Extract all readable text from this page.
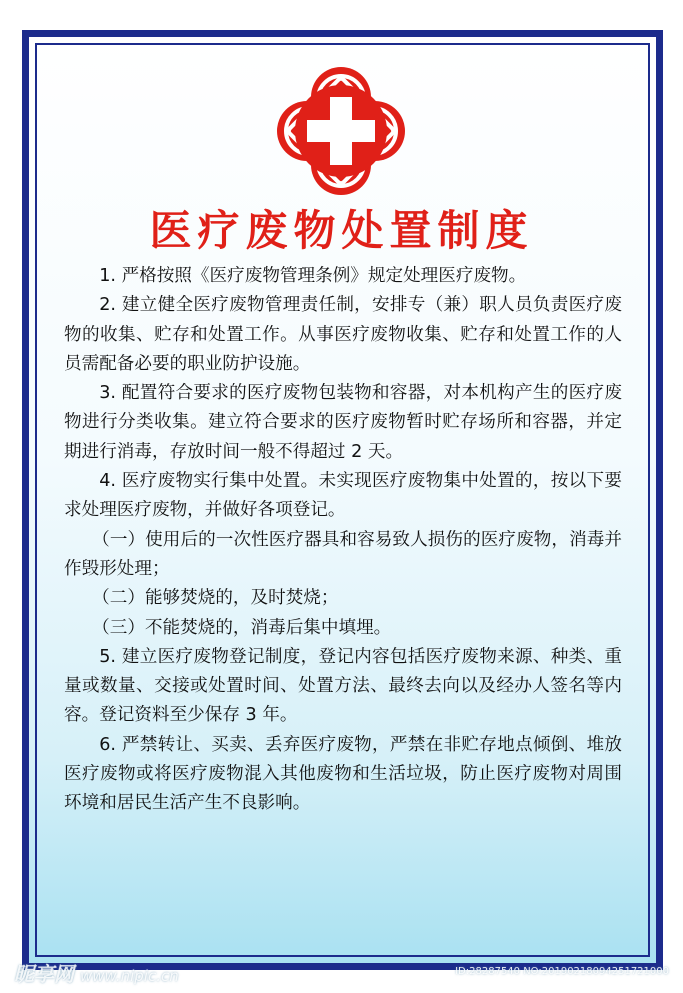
医疗废物处置制度

1. 严格按照《医疗废物管理条例》规定处理医疗废物。

2. 建立健全医疗废物管理责任制，安排专（兼）职人员负责医疗废物的收集、贮存和处置工作。从事医疗废物收集、贮存和处置工作的人员需配备必要的职业防护设施。

3. 配置符合要求的医疗废物包装物和容器，对本机构产生的医疗废物进行分类收集。建立符合要求的医疗废物暂时贮存场所和容器，并定期进行消毒，存放时间一般不得超过 2 天。

4. 医疗废物实行集中处置。未实现医疗废物集中处置的，按以下要求处理医疗废物，并做好各项登记。

（一）使用后的一次性医疗器具和容易致人损伤的医疗废物，消毒并作毁形处理；

（二）能够焚烧的，及时焚烧；

（三）不能焚烧的，消毒后集中填埋。

5. 建立医疗废物登记制度，登记内容包括医疗废物来源、种类、重量或数量、交接或处置时间、处置方法、最终去向以及经办人签名等内容。登记资料至少保存 3 年。

6. 严禁转让、买卖、丢弃医疗废物，严禁在非贮存地点倾倒、堆放医疗废物或将医疗废物混入其他废物和生活垃圾，防止医疗废物对周围环境和居民生活产生不良影响。

昵享网 www.nipic.cn	ID:28287540 NO:20190218094251721000
